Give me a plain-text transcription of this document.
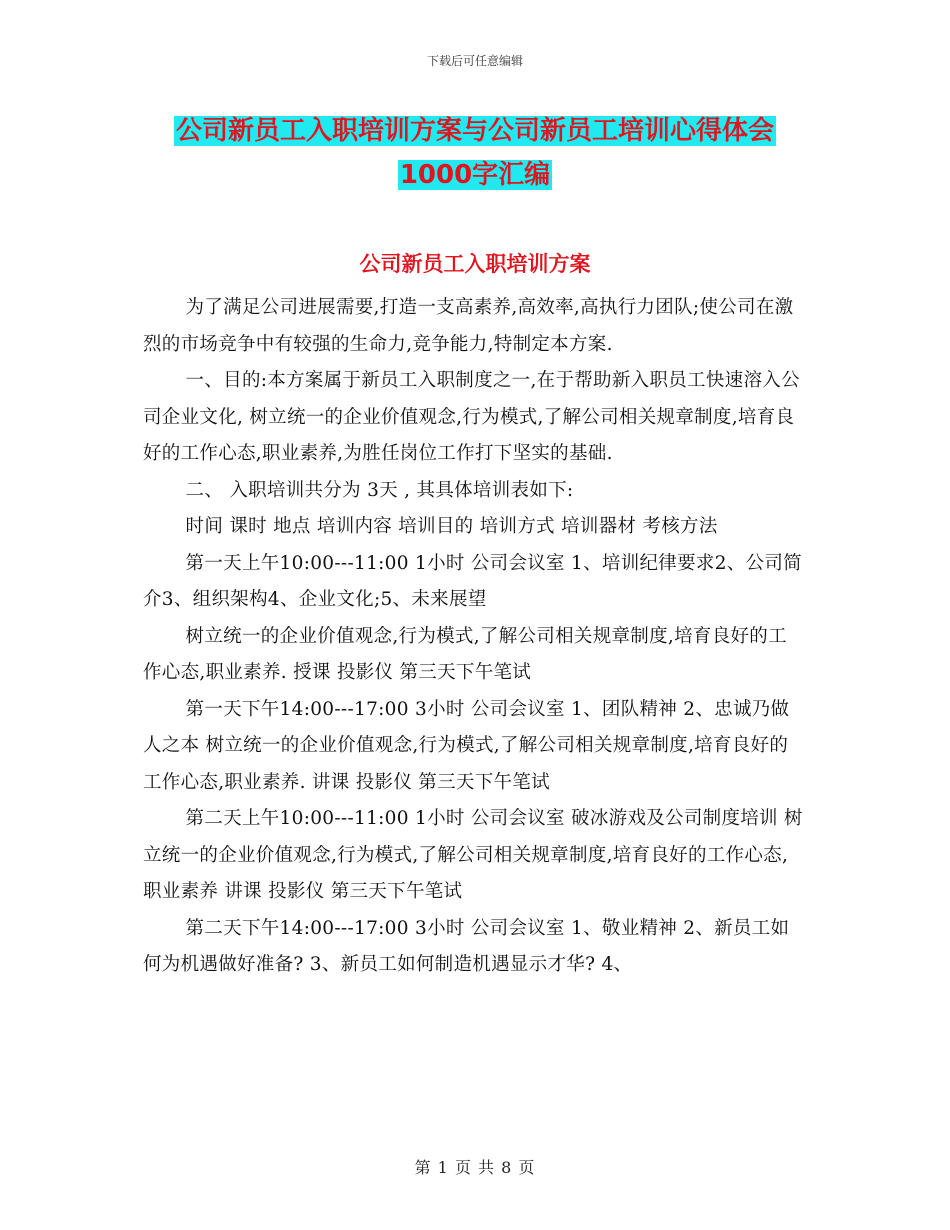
下载后可任意编辑
公司新员工入职培训方案与公司新员工培训心得体会
1000字汇编
公司新员工入职培训方案

为了满足公司进展需要,打造一支高素养,高效率,高执行力团队;使公司在激烈的市场竞争中有较强的生命力,竞争能力,特制定本方案.

一、目的:本方案属于新员工入职制度之一,在于帮助新入职员工快速溶入公司企业文化, 树立统一的企业价值观念,行为模式,了解公司相关规章制度,培育良好的工作心态,职业素养,为胜任岗位工作打下坚实的基础.

二、 入职培训共分为 3天 , 其具体培训表如下:

时间 课时 地点 培训内容 培训目的 培训方式 培训器材 考核方法

第一天上午10:00---11:00 1小时 公司会议室 1、培训纪律要求2、公司简介3、组织架构4、企业文化;5、未来展望

树立统一的企业价值观念,行为模式,了解公司相关规章制度,培育良好的工作心态,职业素养. 授课 投影仪 第三天下午笔试

第一天下午14:00---17:00 3小时 公司会议室 1、团队精神 2、忠诚乃做人之本 树立统一的企业价值观念,行为模式,了解公司相关规章制度,培育良好的工作心态,职业素养. 讲课 投影仪 第三天下午笔试

第二天上午10:00---11:00 1小时 公司会议室 破冰游戏及公司制度培训 树立统一的企业价值观念,行为模式,了解公司相关规章制度,培育良好的工作心态,职业素养 讲课 投影仪 第三天下午笔试

第二天下午14:00---17:00 3小时 公司会议室 1、敬业精神 2、新员工如何为机遇做好准备? 3、新员工如何制造机遇显示才华? 4、

第 1 页 共 8 页
